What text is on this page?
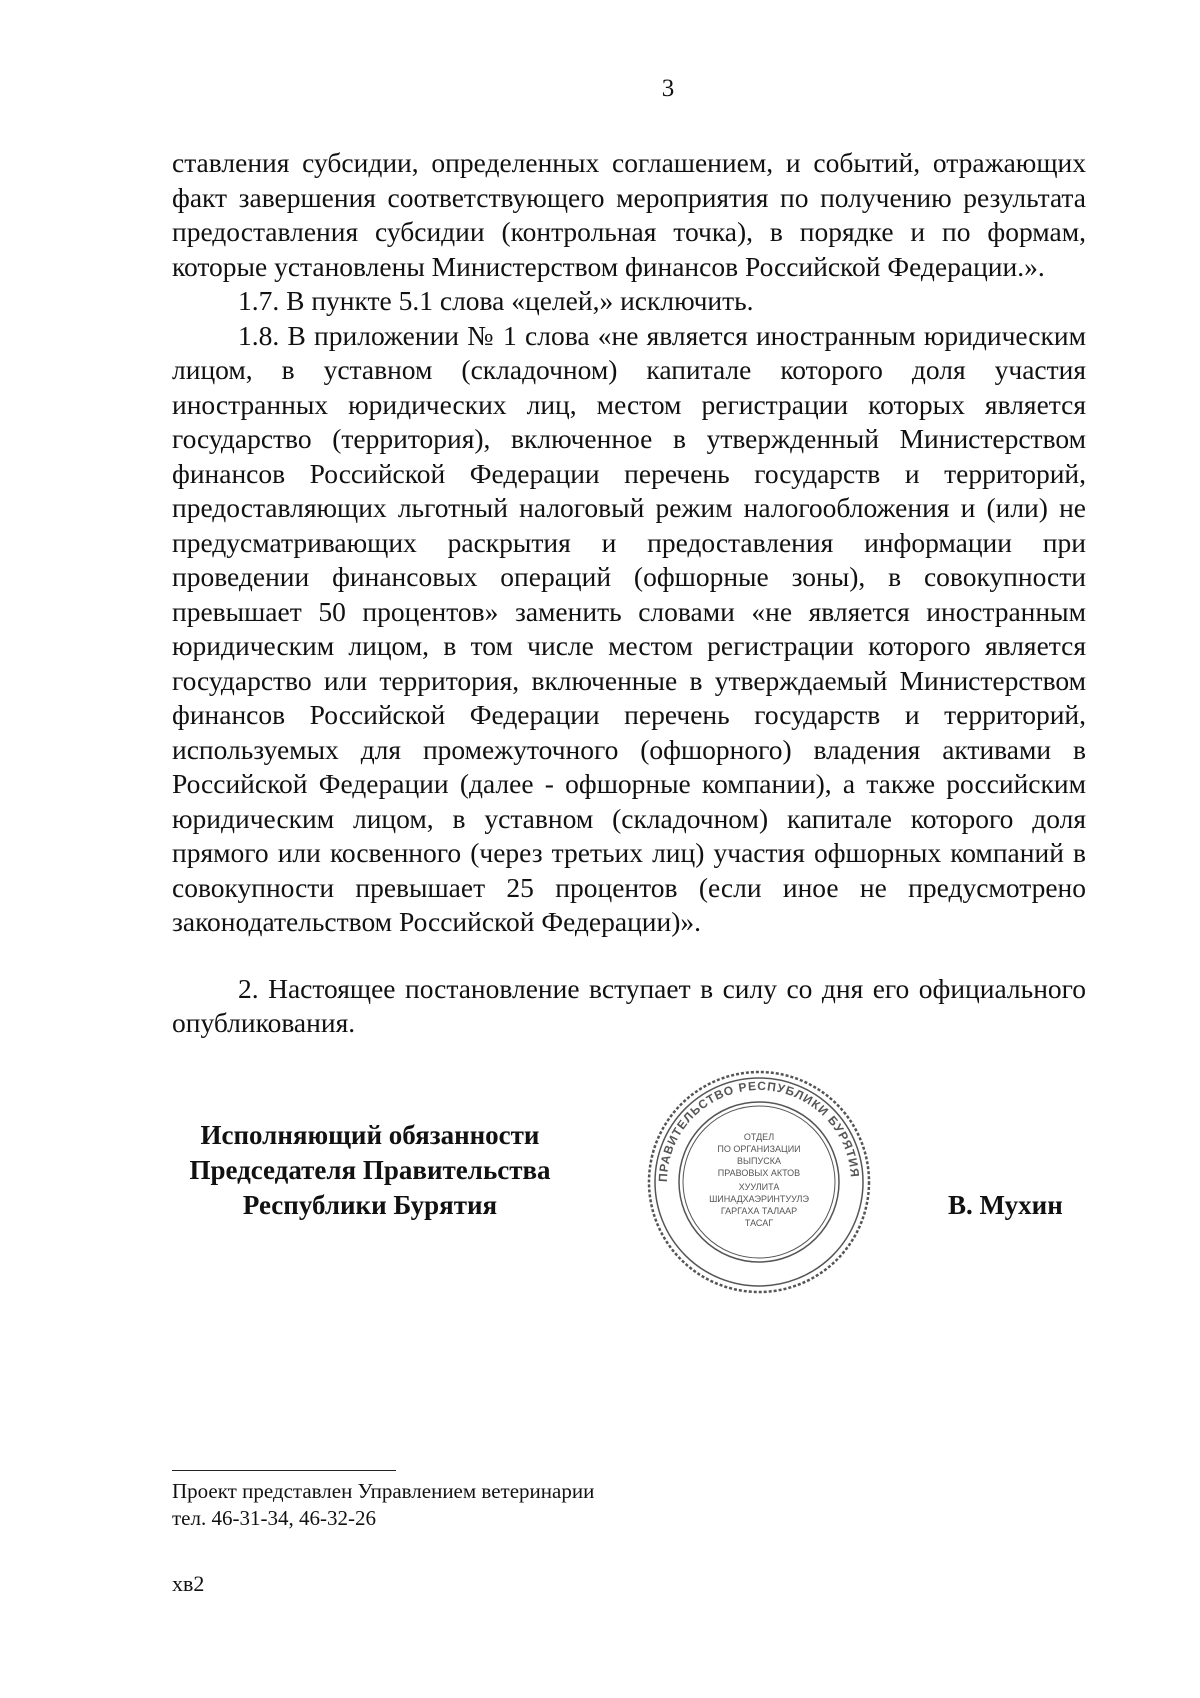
3

ставления субсидии, определенных соглашением, и событий, отражающих факт завершения соответствующего мероприятия по получению результата предоставления субсидии (контрольная точка), в порядке и по формам, которые установлены Министерством финансов Российской Федерации.».

1.7. В пункте 5.1 слова «целей,» исключить.

1.8. В приложении № 1 слова «не является иностранным юридическим лицом, в уставном (складочном) капитале которого доля участия иностранных юридических лиц, местом регистрации которых является государство (территория), включенное в утвержденный Министерством финансов Российской Федерации перечень государств и территорий, предоставляющих льготный налоговый режим налогообложения и (или) не предусматривающих раскрытия и предоставления информации при проведении финансовых операций (офшорные зоны), в совокупности превышает 50 процентов» заменить словами «не является иностранным юридическим лицом, в том числе местом регистрации которого является государство или территория, включенные в утверждаемый Министерством финансов Российской Федерации перечень государств и территорий, используемых для промежуточного (офшорного) владения активами в Российской Федерации (далее - офшорные компании), а также российским юридическим лицом, в уставном (складочном) капитале которого доля прямого или косвенного (через третьих лиц) участия офшорных компаний в совокупности превышает 25 процентов (если иное не предусмотрено законодательством Российской Федерации)».

2. Настоящее постановление вступает в силу со дня его официального опубликования.

Исполняющий обязанности
Председателя Правительства
Республики Бурятия
ПРАВИТЕЛЬСТВО РЕСПУБЛИКИ БУРЯТИЯ
ОТДЕЛ
ПО ОРГАНИЗАЦИИ
ВЫПУСКА
ПРАВОВЫХ АКТОВ
ХУУЛИТА
ШИНАДХАЭРИНТУУЛЭ
ГАРГАХА ТАЛААР
ТАСАГ
В. Мухин
Проект представлен Управлением ветеринарии
тел. 46-31-34, 46-32-26
хв2
